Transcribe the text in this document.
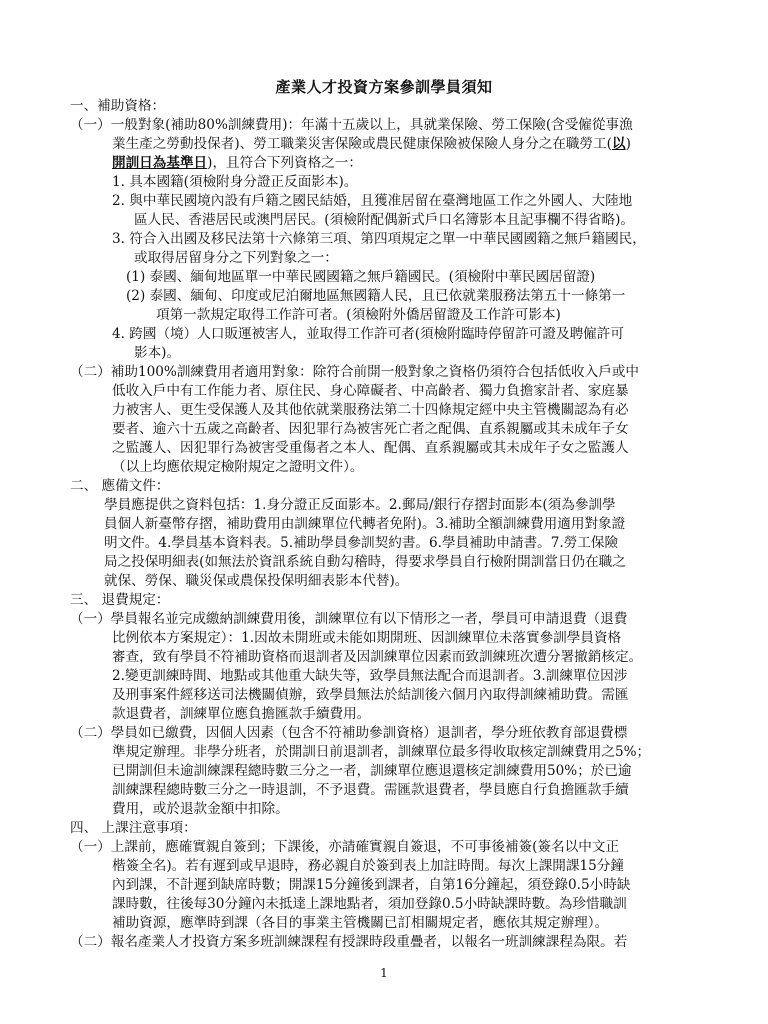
產業人才投資方案參訓學員須知
一、補助資格：
（一）一般對象(補助80%訓練費用)：年滿十五歲以上，具就業保險、勞工保險(含受僱從事漁
業生產之勞動投保者)、勞工職業災害保險或農民健康保險被保險人身分之在職勞工(以)
開訓日為基準日)，且符合下列資格之一：
1. 具本國籍(須檢附身分證正反面影本)。
2. 與中華民國境內設有戶籍之國民結婚，且獲准居留在臺灣地區工作之外國人、大陸地
區人民、香港居民或澳門居民。(須檢附配偶新式戶口名簿影本且記事欄不得省略)。
3. 符合入出國及移民法第十六條第三項、第四項規定之單一中華民國國籍之無戶籍國民，
或取得居留身分之下列對象之一：
(1) 泰國、緬甸地區單一中華民國國籍之無戶籍國民。(須檢附中華民國居留證)
(2) 泰國、緬甸、印度或尼泊爾地區無國籍人民，且已依就業服務法第五十一條第一
項第一款規定取得工作許可者。(須檢附外僑居留證及工作許可影本)
4. 跨國（境）人口販運被害人，並取得工作許可者(須檢附臨時停留許可證及聘僱許可
影本)。
（二）補助100%訓練費用者適用對象：除符合前開一般對象之資格仍須符合包括低收入戶或中
低收入戶中有工作能力者、原住民、身心障礙者、中高齡者、獨力負擔家計者、家庭暴
力被害人、更生受保護人及其他依就業服務法第二十四條規定經中央主管機關認為有必
要者、逾六十五歲之高齡者、因犯罪行為被害死亡者之配偶、直系親屬或其未成年子女
之監護人、因犯罪行為被害受重傷者之本人、配偶、直系親屬或其未成年子女之監護人
（以上均應依規定檢附規定之證明文件）。
二、 應備文件：
學員應提供之資料包括：1.身分證正反面影本。2.郵局/銀行存摺封面影本(須為參訓學
員個人新臺幣存摺，補助費用由訓練單位代轉者免附)。3.補助全額訓練費用適用對象證
明文件。4.學員基本資料表。5.補助學員參訓契約書。6.學員補助申請書。7.勞工保險
局之投保明細表(如無法於資訊系統自動勾稽時，得要求學員自行檢附開訓當日仍在職之
就保、勞保、職災保或農保投保明細表影本代替)。
三、 退費規定：
（一）學員報名並完成繳納訓練費用後，訓練單位有以下情形之一者，學員可申請退費（退費
比例依本方案規定）：1.因故未開班或未能如期開班、因訓練單位未落實參訓學員資格
審查，致有學員不符補助資格而退訓者及因訓練單位因素而致訓練班次遭分署撤銷核定。
2.變更訓練時間、地點或其他重大缺失等，致學員無法配合而退訓者。3.訓練單位因涉
及刑事案件經移送司法機關偵辦，致學員無法於結訓後六個月內取得訓練補助費。需匯
款退費者，訓練單位應負擔匯款手續費用。
（二）學員如已繳費，因個人因素（包含不符補助參訓資格）退訓者，學分班依教育部退費標
準規定辦理。非學分班者，於開訓日前退訓者，訓練單位最多得收取核定訓練費用之5%；
已開訓但未逾訓練課程總時數三分之一者，訓練單位應退還核定訓練費用50%；於已逾
訓練課程總時數三分之一時退訓，不予退費。需匯款退費者，學員應自行負擔匯款手續
費用，或於退款金額中扣除。
四、 上課注意事項：
（一）上課前，應確實親自簽到；下課後，亦請確實親自簽退，不可事後補簽(簽名以中文正
楷簽全名)。若有遲到或早退時，務必親自於簽到表上加註時間。每次上課開課15分鐘
內到課，不計遲到缺席時數；開課15分鐘後到課者，自第16分鐘起，須登錄0.5小時缺
課時數，往後每30分鐘內未抵達上課地點者，須加登錄0.5小時缺課時數。為珍惜職訓
補助資源，應準時到課（各目的事業主管機關已訂相關規定者，應依其規定辦理）。
（二）報名產業人才投資方案多班訓練課程有授課時段重疊者，以報名一班訓練課程為限。若
1
